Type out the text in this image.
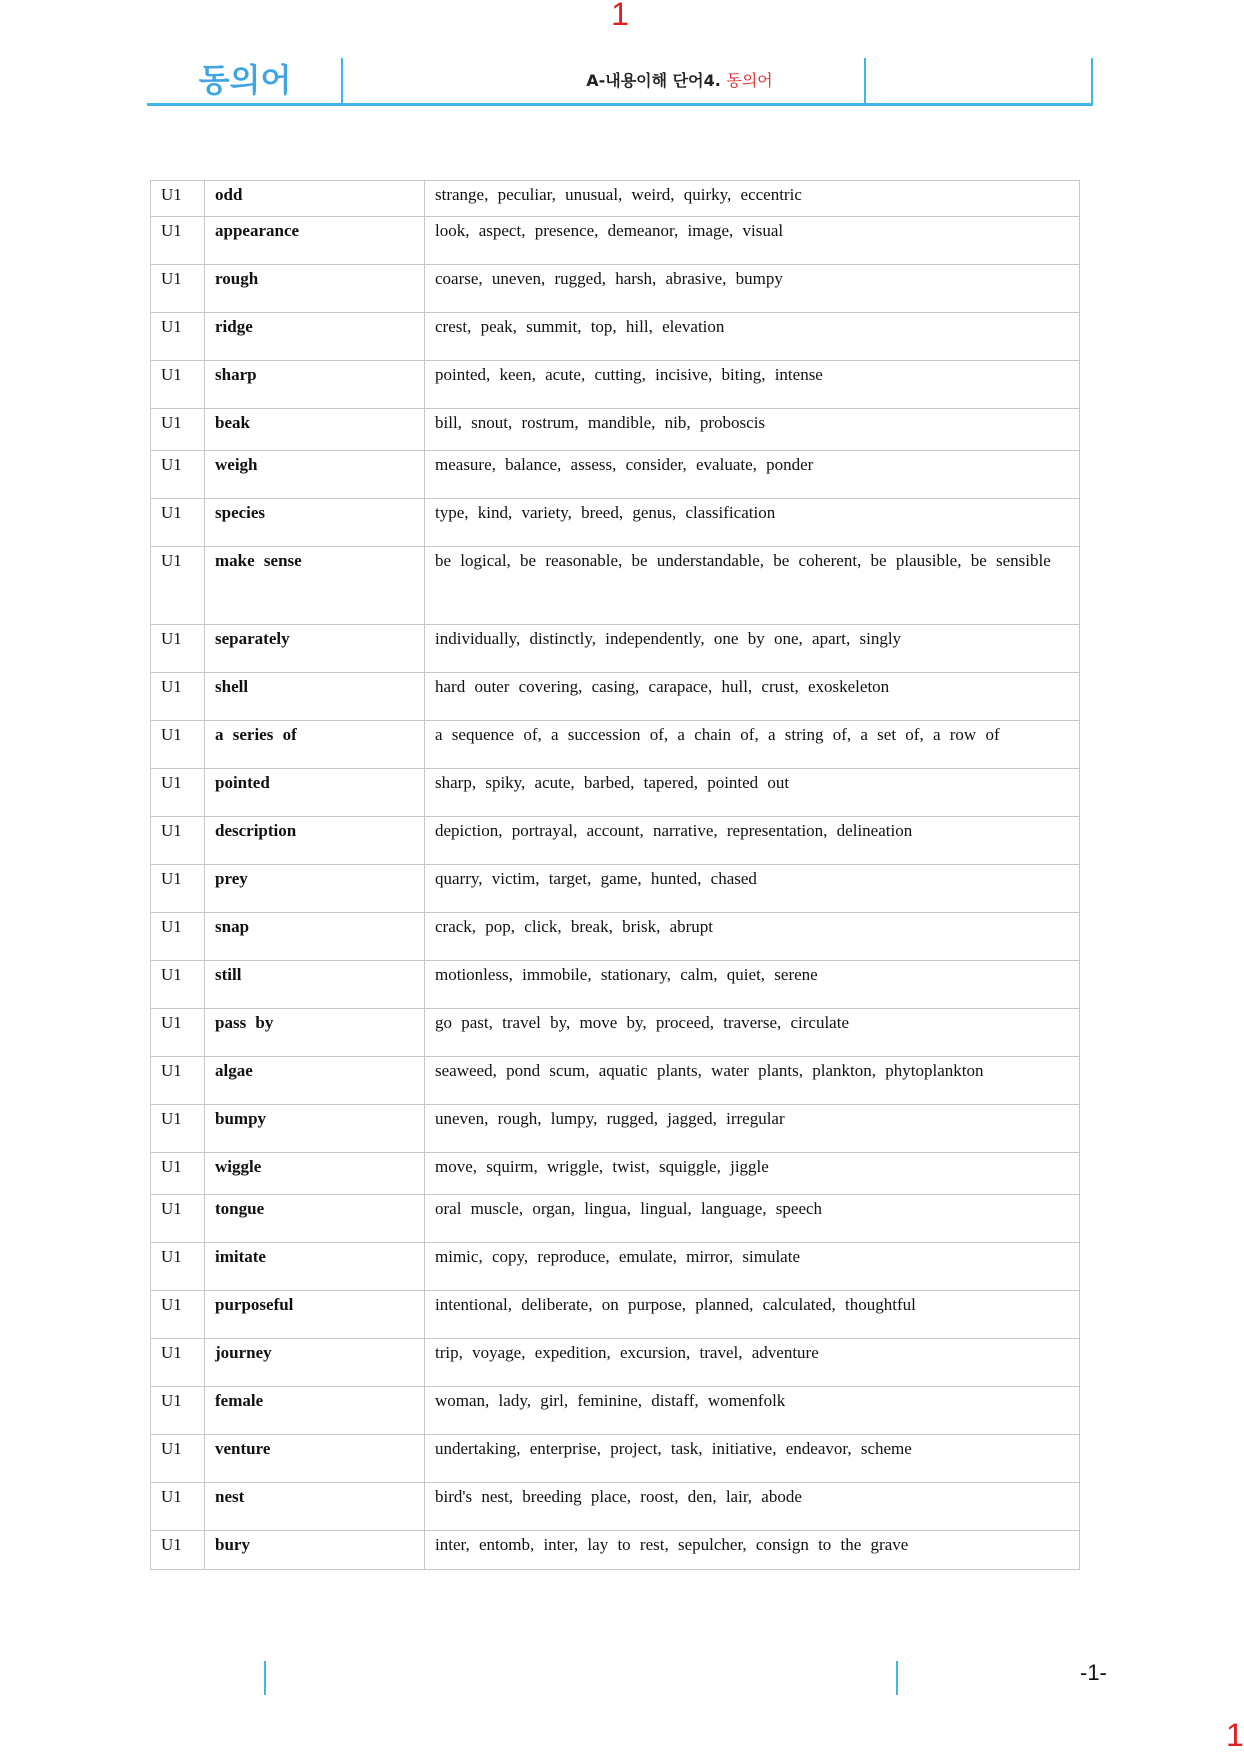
1
동의어	A-내용이해 단어4. 동의어
U1	odd	strange, peculiar, unusual, weird, quirky, eccentric
U1	appearance	look, aspect, presence, demeanor, image, visual
U1	rough	coarse, uneven, rugged, harsh, abrasive, bumpy
U1	ridge	crest, peak, summit, top, hill, elevation
U1	sharp	pointed, keen, acute, cutting, incisive, biting, intense
U1	beak	bill, snout, rostrum, mandible, nib, proboscis
U1	weigh	measure, balance, assess, consider, evaluate, ponder
U1	species	type, kind, variety, breed, genus, classification
U1	make sense	be logical, be reasonable, be understandable, be coherent, be plausible, be sensible
U1	separately	individually, distinctly, independently, one by one, apart, singly
U1	shell	hard outer covering, casing, carapace, hull, crust, exoskeleton
U1	a series of	a sequence of, a succession of, a chain of, a string of, a set of, a row of
U1	pointed	sharp, spiky, acute, barbed, tapered, pointed out
U1	description	depiction, portrayal, account, narrative, representation, delineation
U1	prey	quarry, victim, target, game, hunted, chased
U1	snap	crack, pop, click, break, brisk, abrupt
U1	still	motionless, immobile, stationary, calm, quiet, serene
U1	pass by	go past, travel by, move by, proceed, traverse, circulate
U1	algae	seaweed, pond scum, aquatic plants, water plants, plankton, phytoplankton
U1	bumpy	uneven, rough, lumpy, rugged, jagged, irregular
U1	wiggle	move, squirm, wriggle, twist, squiggle, jiggle
U1	tongue	oral muscle, organ, lingua, lingual, language, speech
U1	imitate	mimic, copy, reproduce, emulate, mirror, simulate
U1	purposeful	intentional, deliberate, on purpose, planned, calculated, thoughtful
U1	journey	trip, voyage, expedition, excursion, travel, adventure
U1	female	woman, lady, girl, feminine, distaff, womenfolk
U1	venture	undertaking, enterprise, project, task, initiative, endeavor, scheme
U1	nest	bird's nest, breeding place, roost, den, lair, abode
U1	bury	inter, entomb, inter, lay to rest, sepulcher, consign to the grave
-1-
1
